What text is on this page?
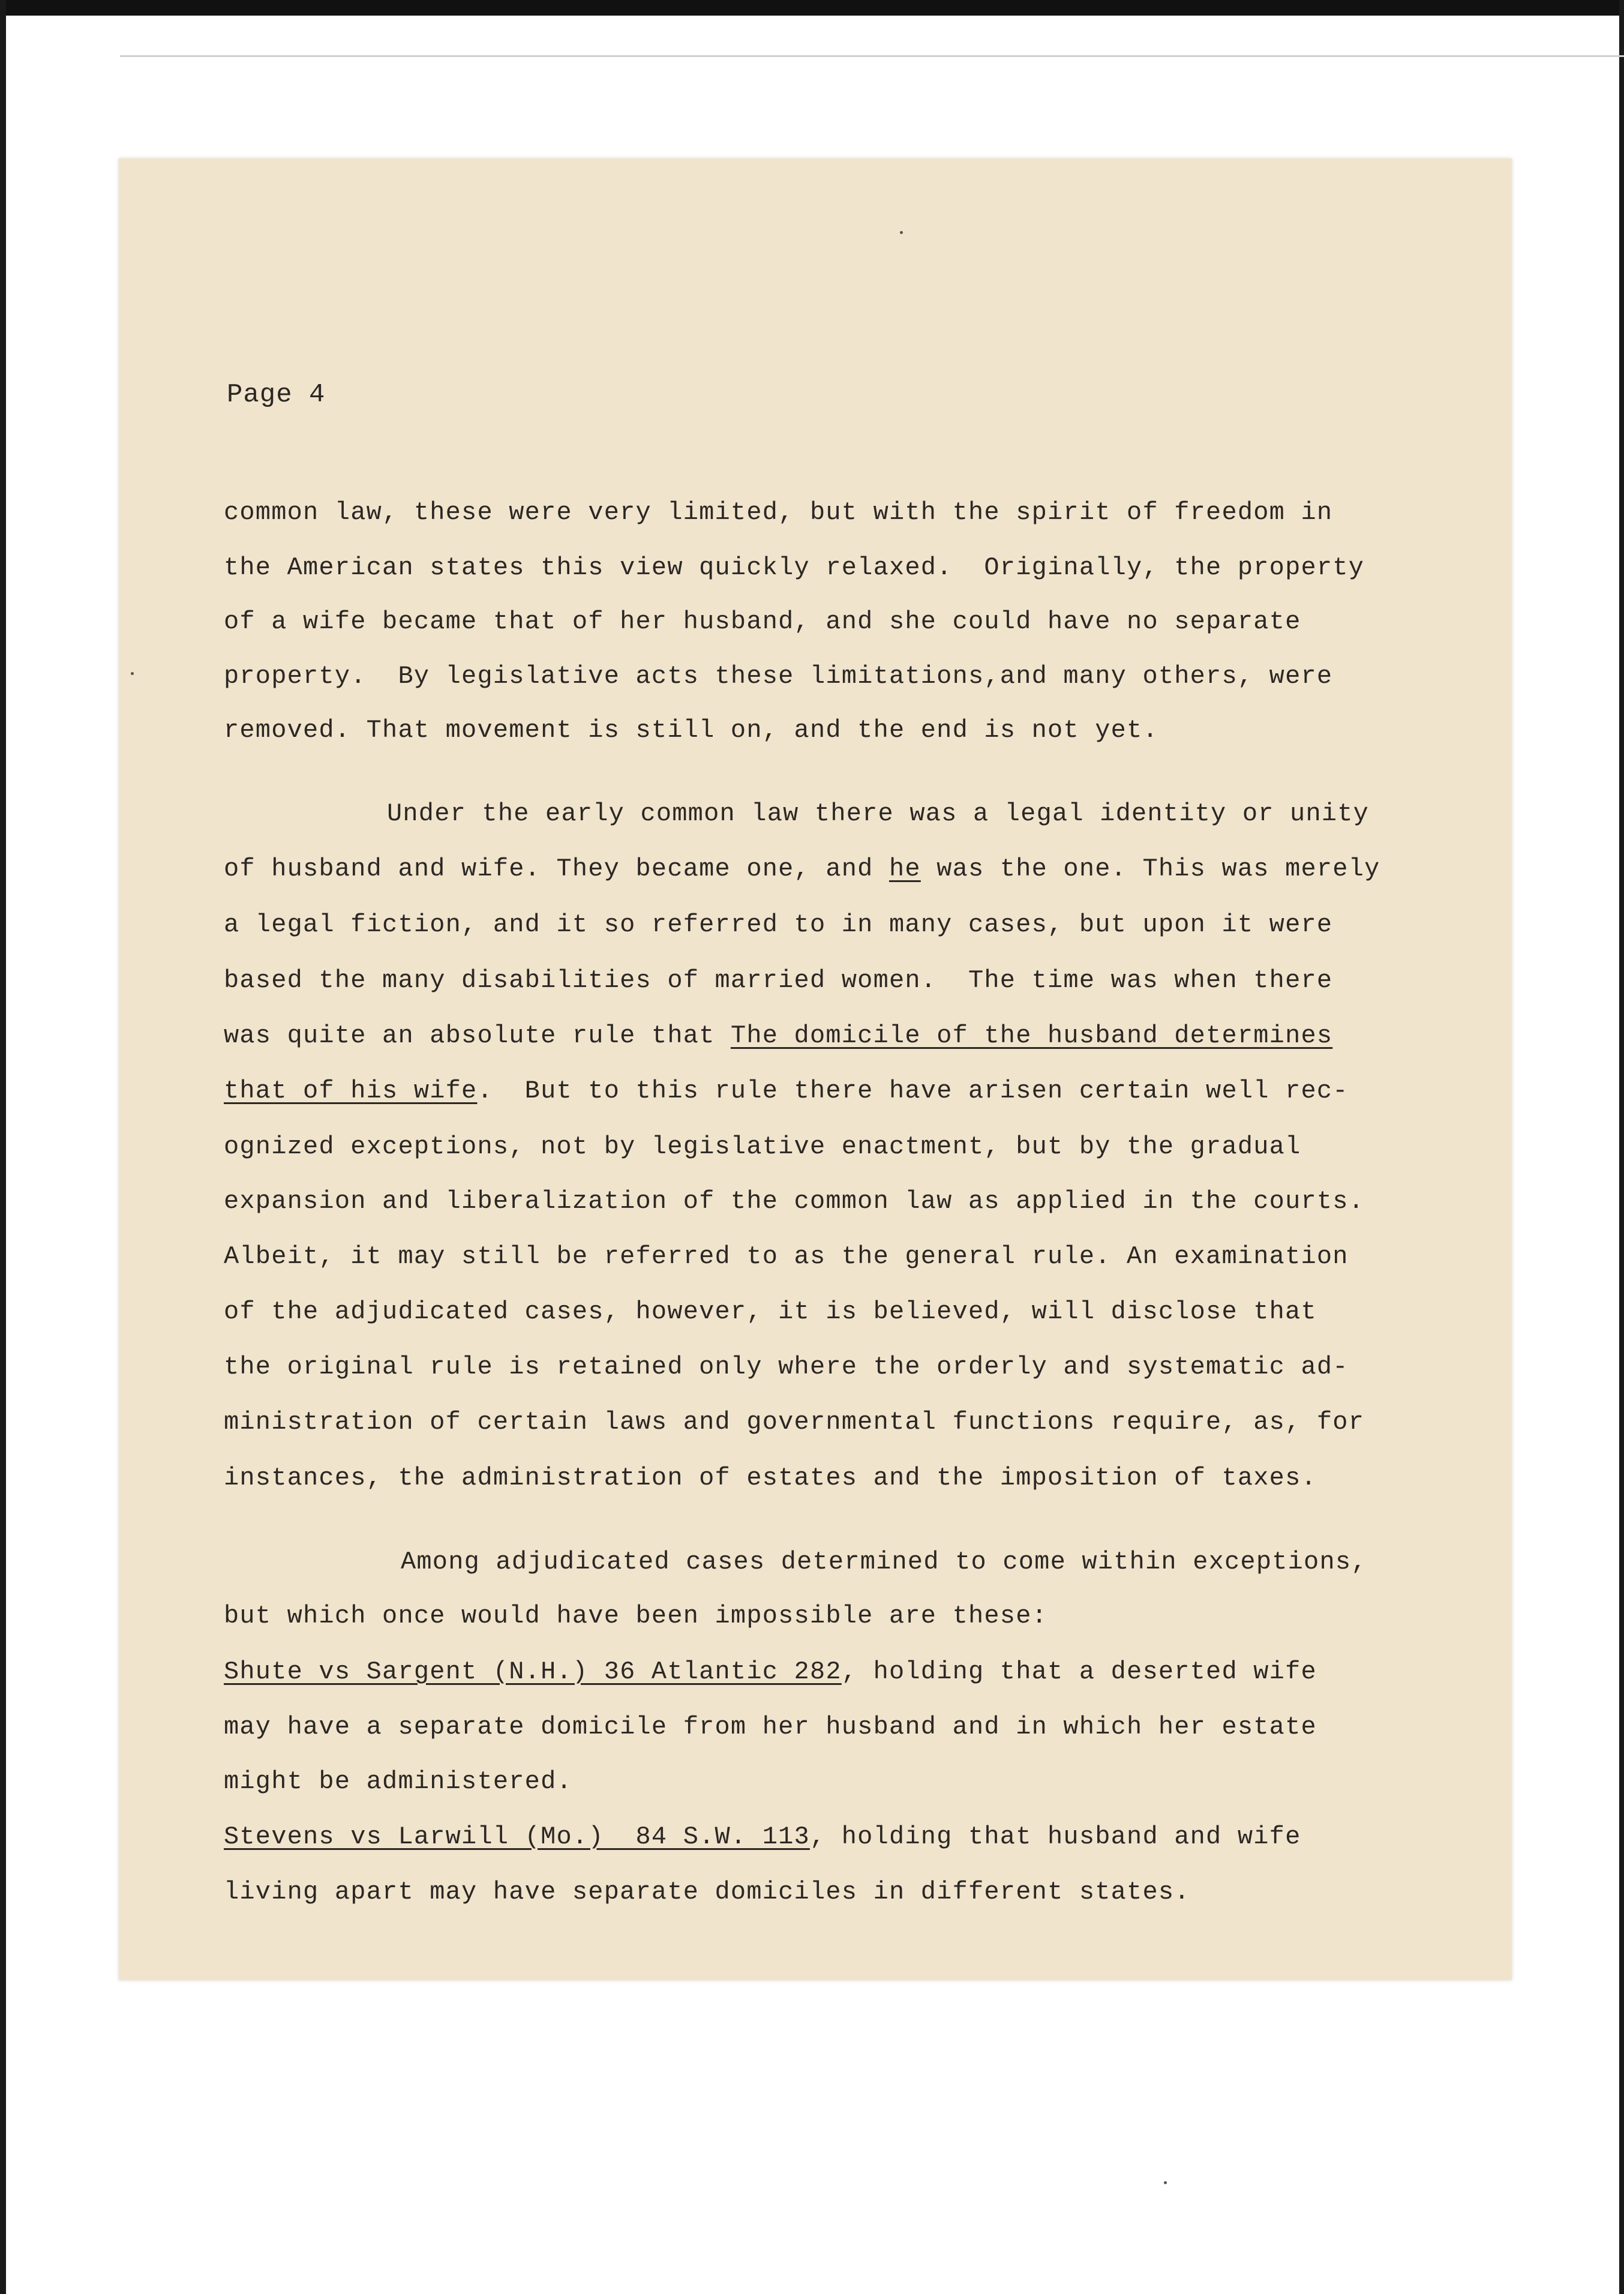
Page 4
common law, these were very limited, but with the spirit of freedom in
the American states this view quickly relaxed.  Originally, the property
of a wife became that of her husband, and she could have no separate
property.  By legislative acts these limitations,and many others, were
removed. That movement is still on, and the end is not yet.
Under the early common law there was a legal identity or unity
of husband and wife. They became one, and he was the one. This was merely
a legal fiction, and it so referred to in many cases, but upon it were
based the many disabilities of married women.  The time was when there
was quite an absolute rule that The domicile of the husband determines
that of his wife.  But to this rule there have arisen certain well rec-
ognized exceptions, not by legislative enactment, but by the gradual
expansion and liberalization of the common law as applied in the courts.
Albeit, it may still be referred to as the general rule. An examination
of the adjudicated cases, however, it is believed, will disclose that
the original rule is retained only where the orderly and systematic ad-
ministration of certain laws and governmental functions require, as, for
instances, the administration of estates and the imposition of taxes.
Among adjudicated cases determined to come within exceptions,
but which once would have been impossible are these:
Shute vs Sargent (N.H.) 36 Atlantic 282, holding that a deserted wife
may have a separate domicile from her husband and in which her estate
might be administered.
Stevens vs Larwill (Mo.)  84 S.W. 113, holding that husband and wife
living apart may have separate domiciles in different states.
